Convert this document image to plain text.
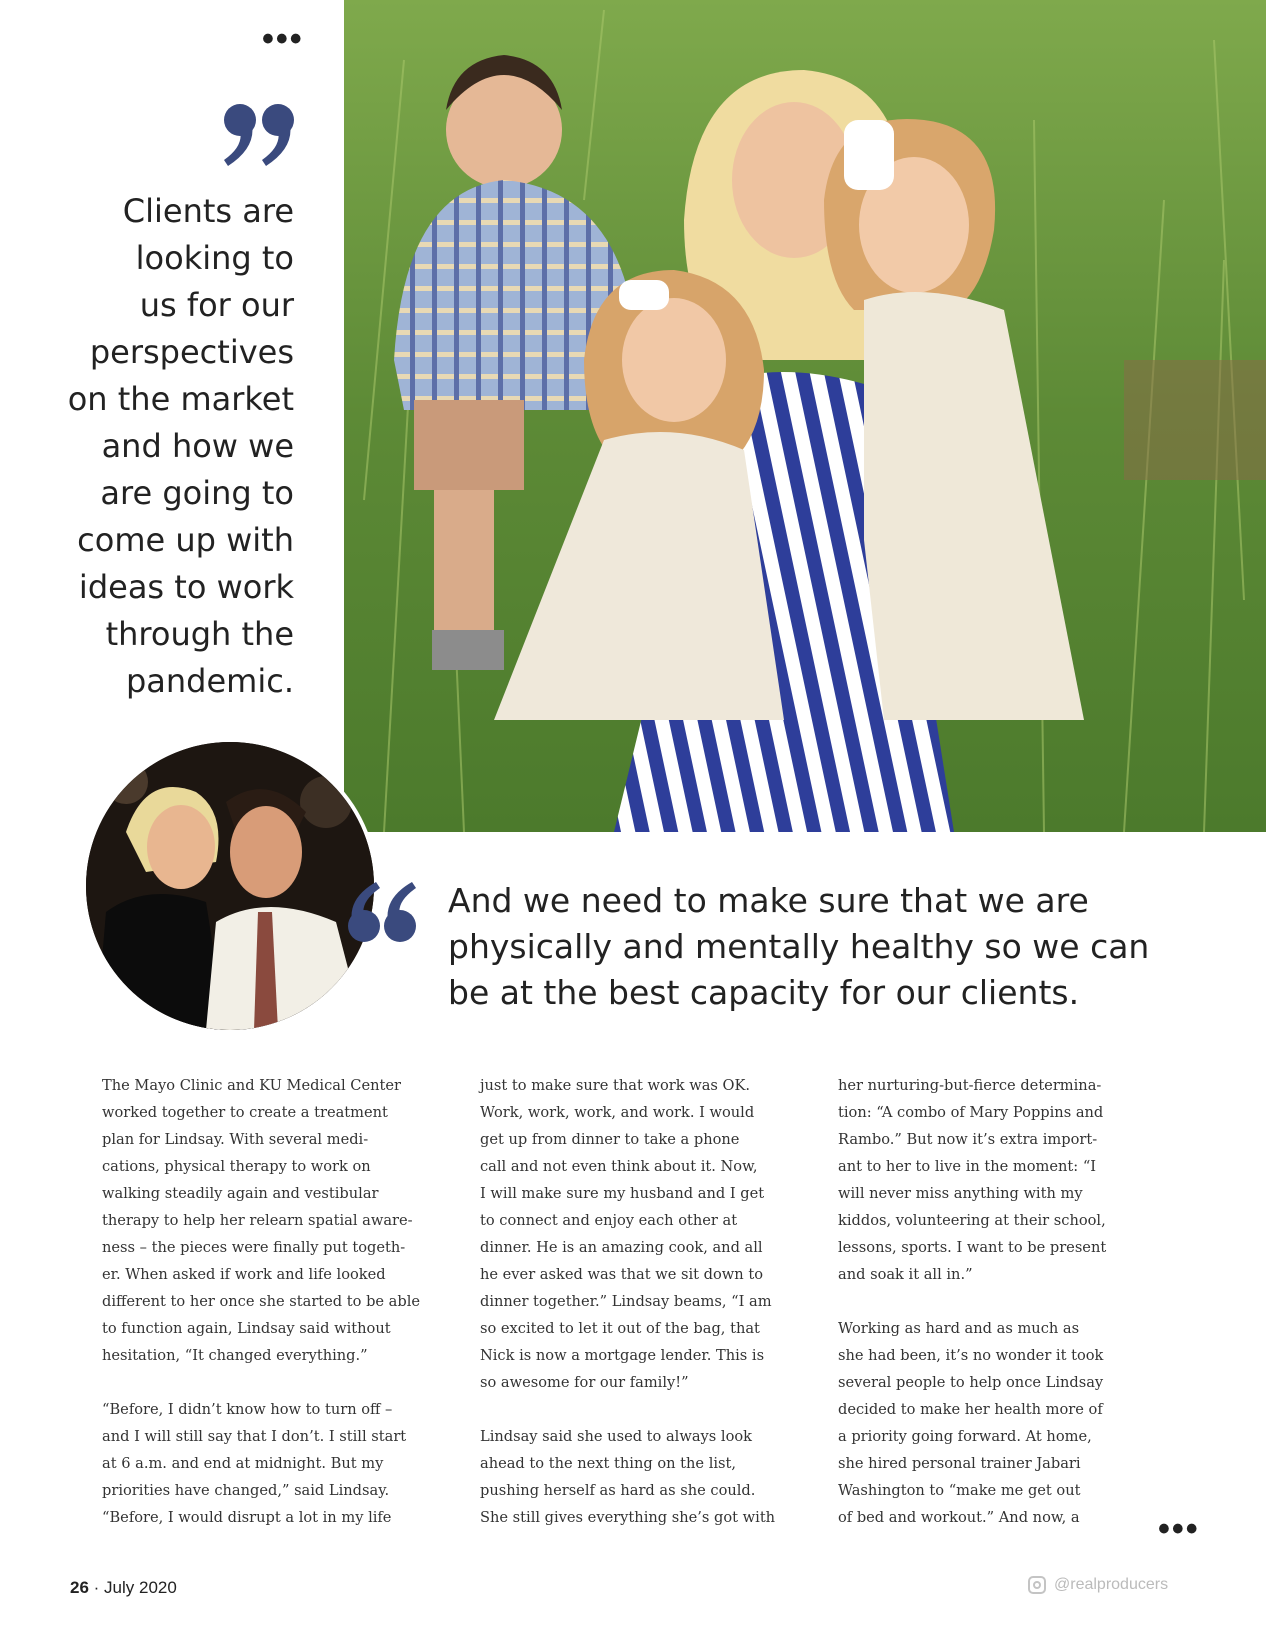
•••
•••
Clients are
looking to
us for our
perspectives
on the market
and how we
are going to
come up with
ideas to work
through the
pandemic.
And we need to make sure that we are
physically and mentally healthy so we can
be at the best capacity for our clients.

The Mayo Clinic and KU Medical Center
worked together to create a treatment
plan for Lindsay. With several medi-
cations, physical therapy to work on
walking steadily again and vestibular
therapy to help her relearn spatial aware-
ness – the pieces were finally put togeth-
er. When asked if work and life looked
different to her once she started to be able
to function again, Lindsay said without
hesitation, “It changed everything.”

“Before, I didn’t know how to turn off –
and I will still say that I don’t. I still start
at 6 a.m. and end at midnight. But my
priorities have changed,” said Lindsay.
“Before, I would disrupt a lot in my life

just to make sure that work was OK.
Work, work, work, and work. I would
get up from dinner to take a phone
call and not even think about it. Now,
I will make sure my husband and I get
to connect and enjoy each other at
dinner. He is an amazing cook, and all
he ever asked was that we sit down to
dinner together.” Lindsay beams, “I am
so excited to let it out of the bag, that
Nick is now a mortgage lender. This is
so awesome for our family!”

Lindsay said she used to always look
ahead to the next thing on the list,
pushing herself as hard as she could.
She still gives everything she’s got with

her nurturing-but-fierce determina-
tion: “A combo of Mary Poppins and
Rambo.” But now it’s extra import-
ant to her to live in the moment: “I
will never miss anything with my
kiddos, volunteering at their school,
lessons, sports. I want to be present
and soak it all in.”

Working as hard and as much as
she had been, it’s no wonder it took
several people to help once Lindsay
decided to make her health more of
a priority going forward. At home,
she hired personal trainer Jabari
Washington to “make me get out
of bed and workout.” And now, a

26 · July 2020	@realproducers
